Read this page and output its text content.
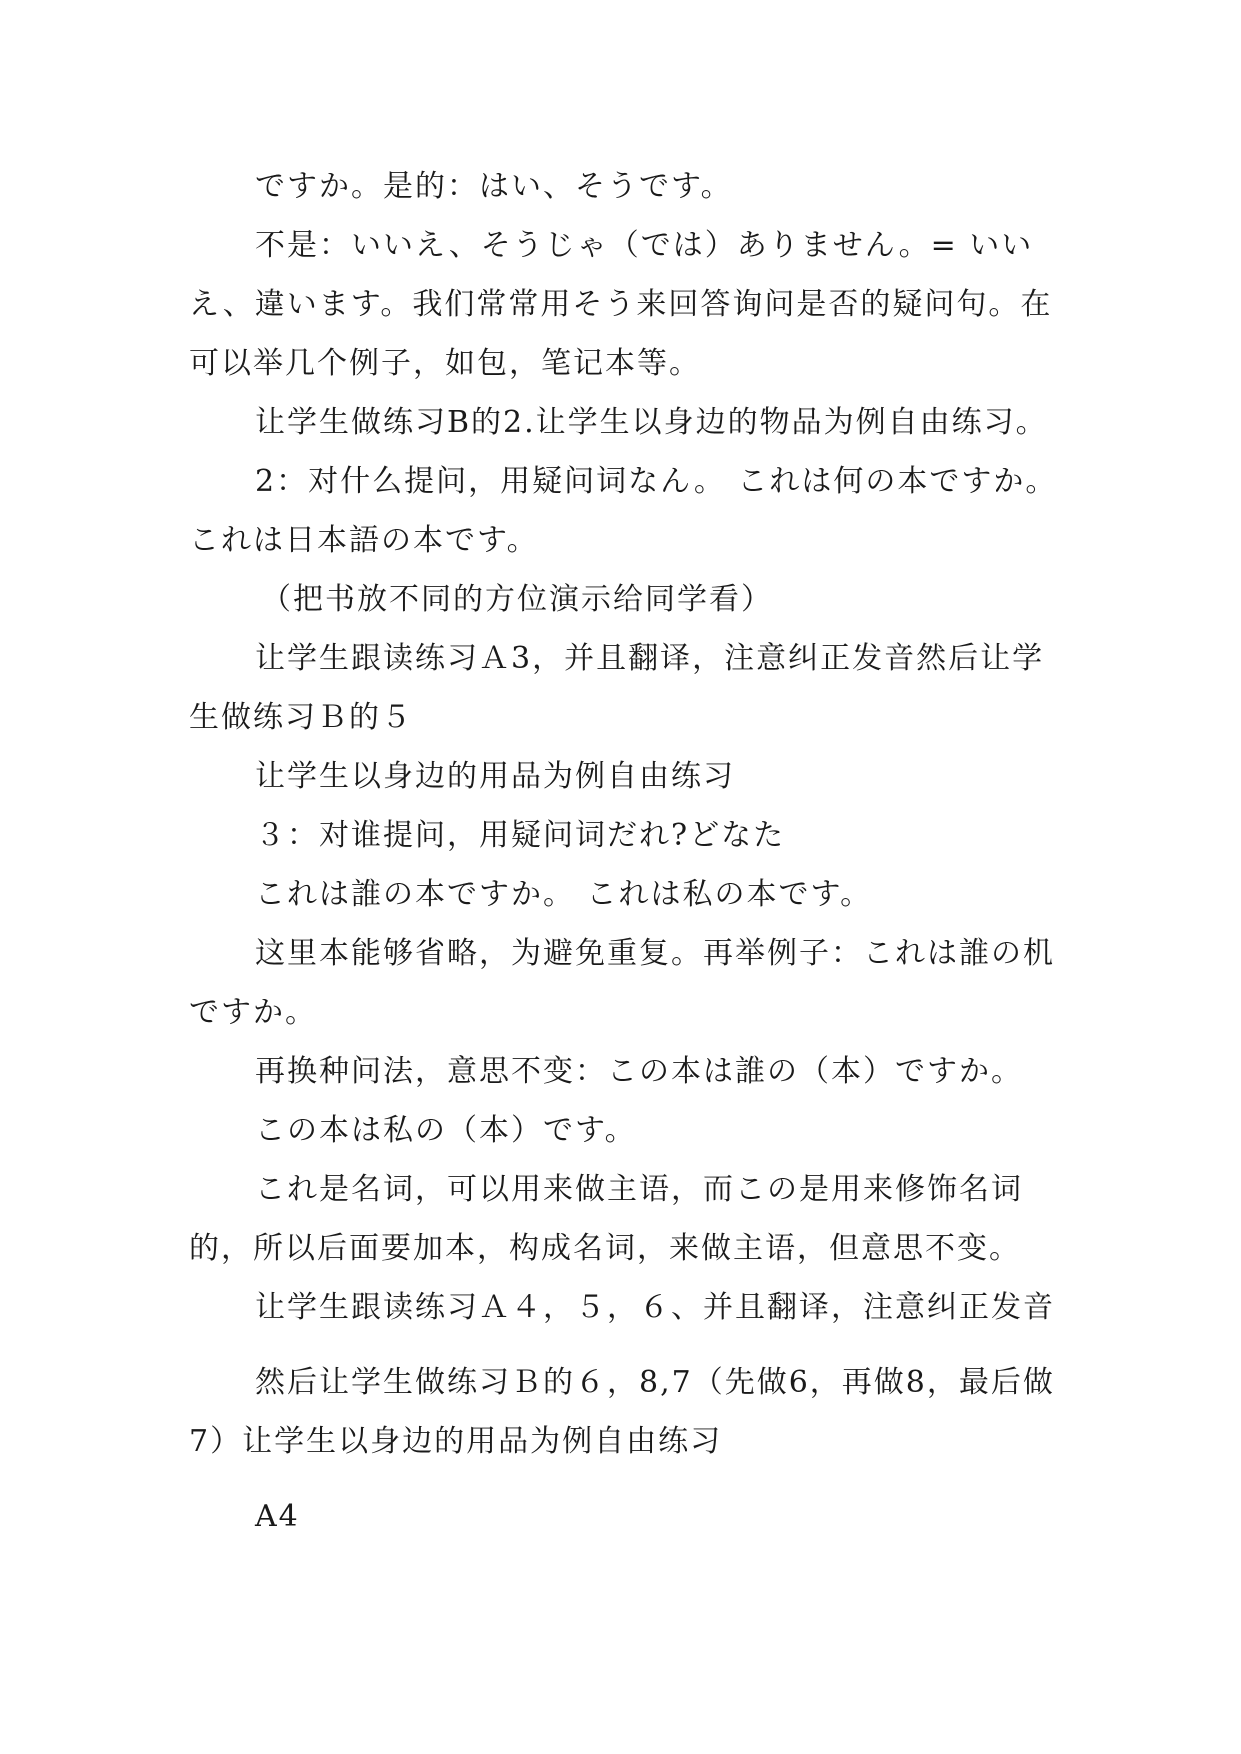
ですか。是的：はい、そうです。

不是：いいえ、そうじゃ（では）ありません。= いいえ、違います。我们常常用そう来回答询问是否的疑问句。在可以举几个例子，如包，笔记本等。

让学生做练习B的2.让学生以身边的物品为例自由练习。

2：对什么提问，用疑问词なん。 これは何の本ですか。これは日本語の本です。

（把书放不同的方位演示给同学看）

让学生跟读练习Ａ3，并且翻译，注意纠正发音然后让学生做练习Ｂ的５

让学生以身边的用品为例自由练习

３：对谁提问，用疑问词だれ?どなた

これは誰の本ですか。 これは私の本です。

这里本能够省略，为避免重复。再举例子：これは誰の机ですか。

再换种问法，意思不变：この本は誰の（本）ですか。

この本は私の（本）です。

これ是名词，可以用来做主语，而この是用来修饰名词的，所以后面要加本，构成名词，来做主语，但意思不变。

让学生跟读练习Ａ４，５，６、并且翻译，注意纠正发音

然后让学生做练习Ｂ的６，8,7（先做6，再做8，最后做7）让学生以身边的用品为例自由练习

A4
